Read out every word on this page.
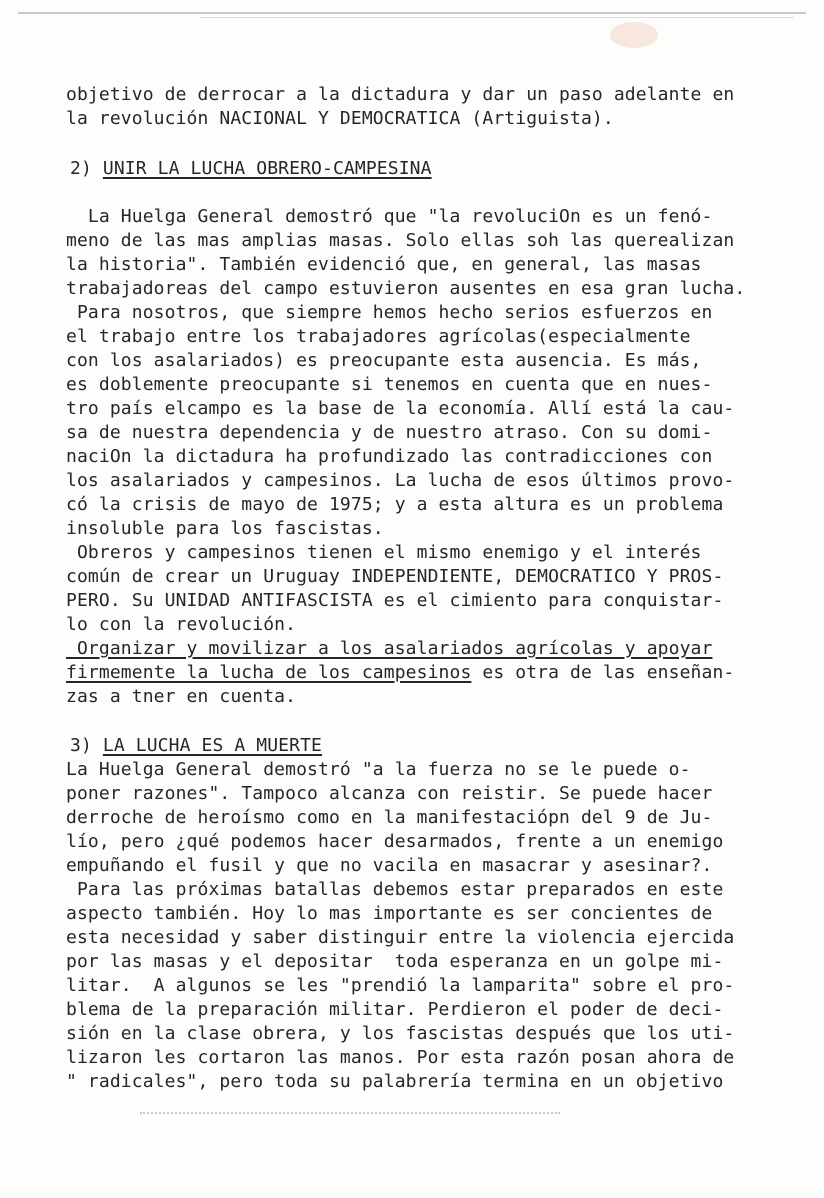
objetivo de derrocar a la dictadura y dar un paso adelante en
la revolución NACIONAL Y DEMOCRATICA (Artiguista).
2) UNIR LA LUCHA OBRERO-CAMPESINA
La Huelga General demostró que "la revoluciOn es un fenó-
meno de las mas amplias masas. Solo ellas soh las querealizan
la historia". También evidenció que, en general, las masas
trabajadoreas del campo estuvieron ausentes en esa gran lucha.
Para nosotros, que siempre hemos hecho serios esfuerzos en
el trabajo entre los trabajadores agrícolas(especialmente
con los asalariados) es preocupante esta ausencia. Es más,
es doblemente preocupante si tenemos en cuenta que en nues-
tro país elcampo es la base de la economía. Allí está la cau-
sa de nuestra dependencia y de nuestro atraso. Con su domi-
naciOn la dictadura ha profundizado las contradicciones con
los asalariados y campesinos. La lucha de esos últimos provo-
có la crisis de mayo de 1975; y a esta altura es un problema
insoluble para los fascistas.
Obreros y campesinos tienen el mismo enemigo y el interés
común de crear un Uruguay INDEPENDIENTE, DEMOCRATICO Y PROS-
PERO. Su UNIDAD ANTIFASCISTA es el cimiento para conquistar-
lo con la revolución.
Organizar y movilizar a los asalariados agrícolas y apoyar
firmemente la lucha de los campesinos es otra de las enseñan-
zas a tner en cuenta.
3) LA LUCHA ES A MUERTE
La Huelga General demostró "a la fuerza no se le puede o-
poner razones". Tampoco alcanza con reistir. Se puede hacer
derroche de heroísmo como en la manifestaciópn del 9 de Ju-
lío, pero ¿qué podemos hacer desarmados, frente a un enemigo
empuñando el fusil y que no vacila en masacrar y asesinar?.
Para las próximas batallas debemos estar preparados en este
aspecto también. Hoy lo mas importante es ser concientes de
esta necesidad y saber distinguir entre la violencia ejercida
por las masas y el depositar  toda esperanza en un golpe mi-
litar.  A algunos se les "prendió la lamparita" sobre el pro-
blema de la preparación militar. Perdieron el poder de deci-
sión en la clase obrera, y los fascistas después que los uti-
lizaron les cortaron las manos. Por esta razón posan ahora de
" radicales", pero toda su palabrería termina en un objetivo
